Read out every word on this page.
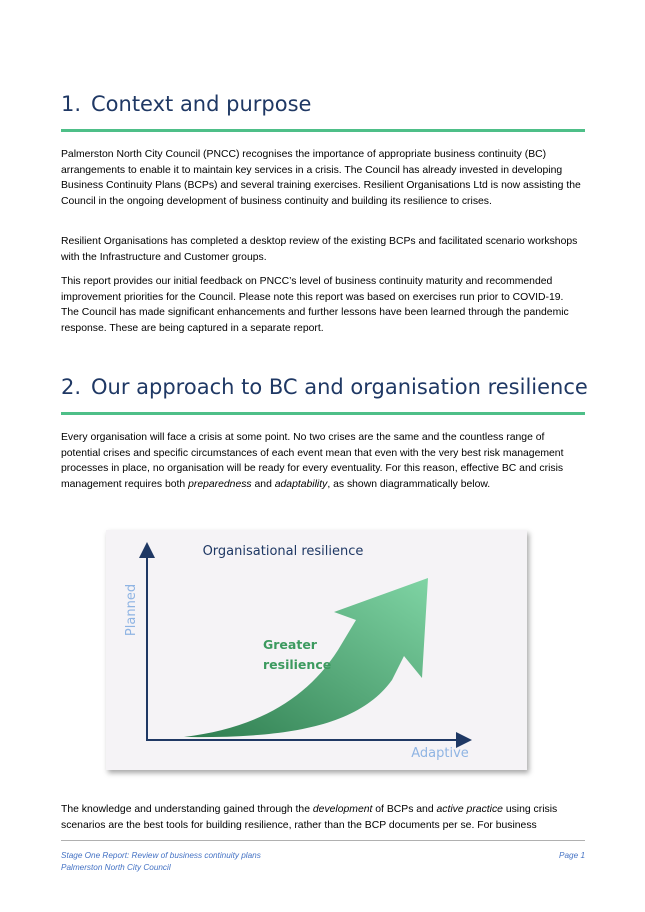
1. Context and purpose

Palmerston North City Council (PNCC) recognises the importance of appropriate business continuity (BC) arrangements to enable it to maintain key services in a crisis. The Council has already invested in developing Business Continuity Plans (BCPs) and several training exercises. Resilient Organisations Ltd is now assisting the Council in the ongoing development of business continuity and building its resilience to crises.

Resilient Organisations has completed a desktop review of the existing BCPs and facilitated scenario workshops with the Infrastructure and Customer groups.

This report provides our initial feedback on PNCC’s level of business continuity maturity and recommended improvement priorities for the Council. Please note this report was based on exercises run prior to COVID-19. The Council has made significant enhancements and further lessons have been learned through the pandemic response. These are being captured in a separate report.

2. Our approach to BC and organisation resilience

Every organisation will face a crisis at some point. No two crises are the same and the countless range of potential crises and specific circumstances of each event mean that even with the very best risk management processes in place, no organisation will be ready for every eventuality. For this reason, effective BC and crisis management requires both preparedness and adaptability, as shown diagrammatically below.

Organisational resilience
Planned
Adaptive
Greater
resilience

The knowledge and understanding gained through the development of BCPs and active practice using crisis scenarios are the best tools for building resilience, rather than the BCP documents per se. For business

Stage One Report: Review of business continuity plans

Palmerston North City Council

Page 1
